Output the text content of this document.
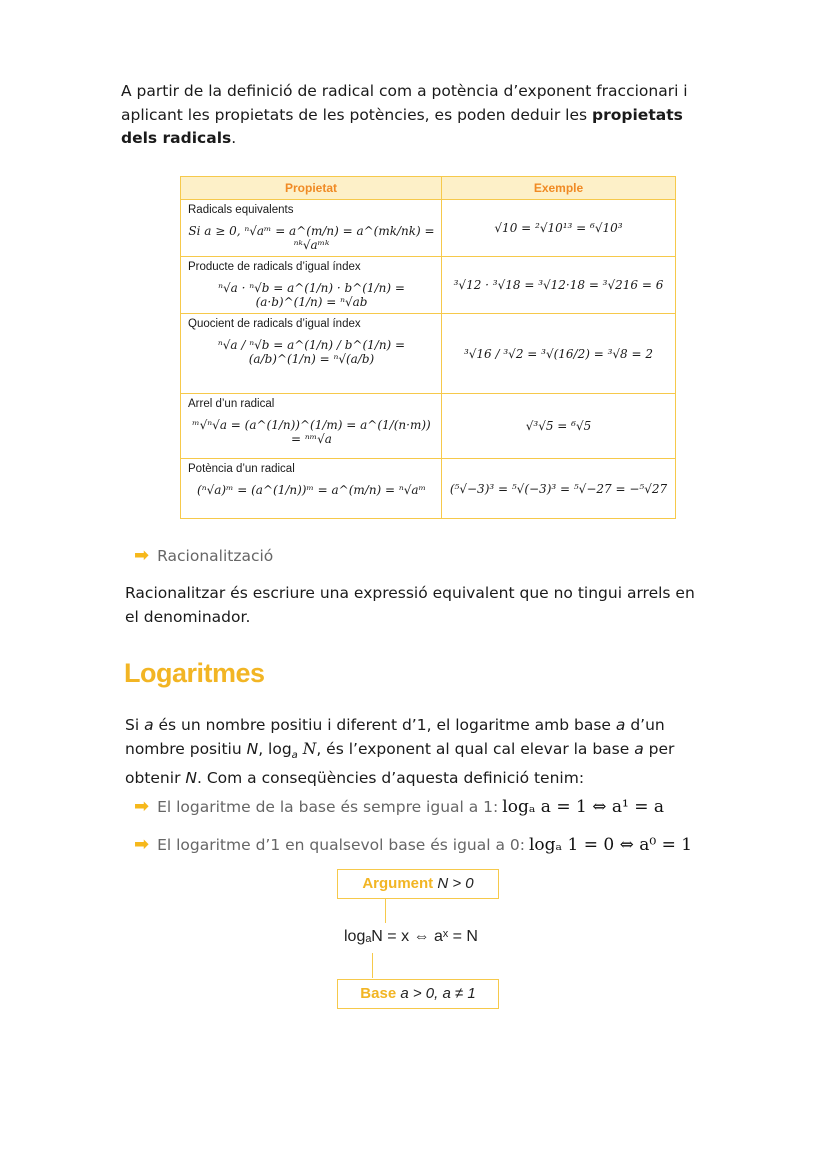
A partir de la definició de radical com a potència d’exponent fraccionari i aplicant les propietats de les potències, es poden deduir les propietats dels radicals.
Propietat	Exemple

Radicals equivalents
Si a ≥ 0, ⁿ√aᵐ = a^(m/n) = a^(mk/nk) = ⁿᵏ√aᵐᵏ	√10 = ²√10¹³ = ⁶√10³

Producte de radicals d’igual índex
ⁿ√a · ⁿ√b = a^(1/n) · b^(1/n) = (a·b)^(1/n) = ⁿ√ab	³√12 · ³√18 = ³√12·18 = ³√216 = 6

Quocient de radicals d’igual índex
ⁿ√a / ⁿ√b = a^(1/n) / b^(1/n) = (a/b)^(1/n) = ⁿ√(a/b)	³√16 / ³√2 = ³√(16/2) = ³√8 = 2

Arrel d’un radical
ᵐ√ⁿ√a = (a^(1/n))^(1/m) = a^(1/(n·m)) = ⁿᵐ√a	√³√5 = ⁶√5

Potència d’un radical
(ⁿ√a)ᵐ = (a^(1/n))ᵐ = a^(m/n) = ⁿ√aᵐ	(⁵√−3)³ = ⁵√(−3)³ = ⁵√−27 = −⁵√27
➡ Racionalització
Racionalitzar és escriure una expressió equivalent que no tingui arrels en el denominador.
Logaritmes
Si a és un nombre positiu i diferent d’1, el logaritme amb base a d’un nombre positiu N, $\log_a N$, és l’exponent al qual cal elevar la base a per obtenir N. Com a conseqüències d’aquesta definició tenim:
➡ El logaritme de la base és sempre igual a 1: logₐ a = 1 ⇔ a¹ = a
➡ El logaritme d’1 en qualsevol base és igual a 0: logₐ 1 = 0 ⇔ a⁰ = 1
Argument N > 0
logₐN = x ⇔ aˣ = N
Base a > 0, a ≠ 1
